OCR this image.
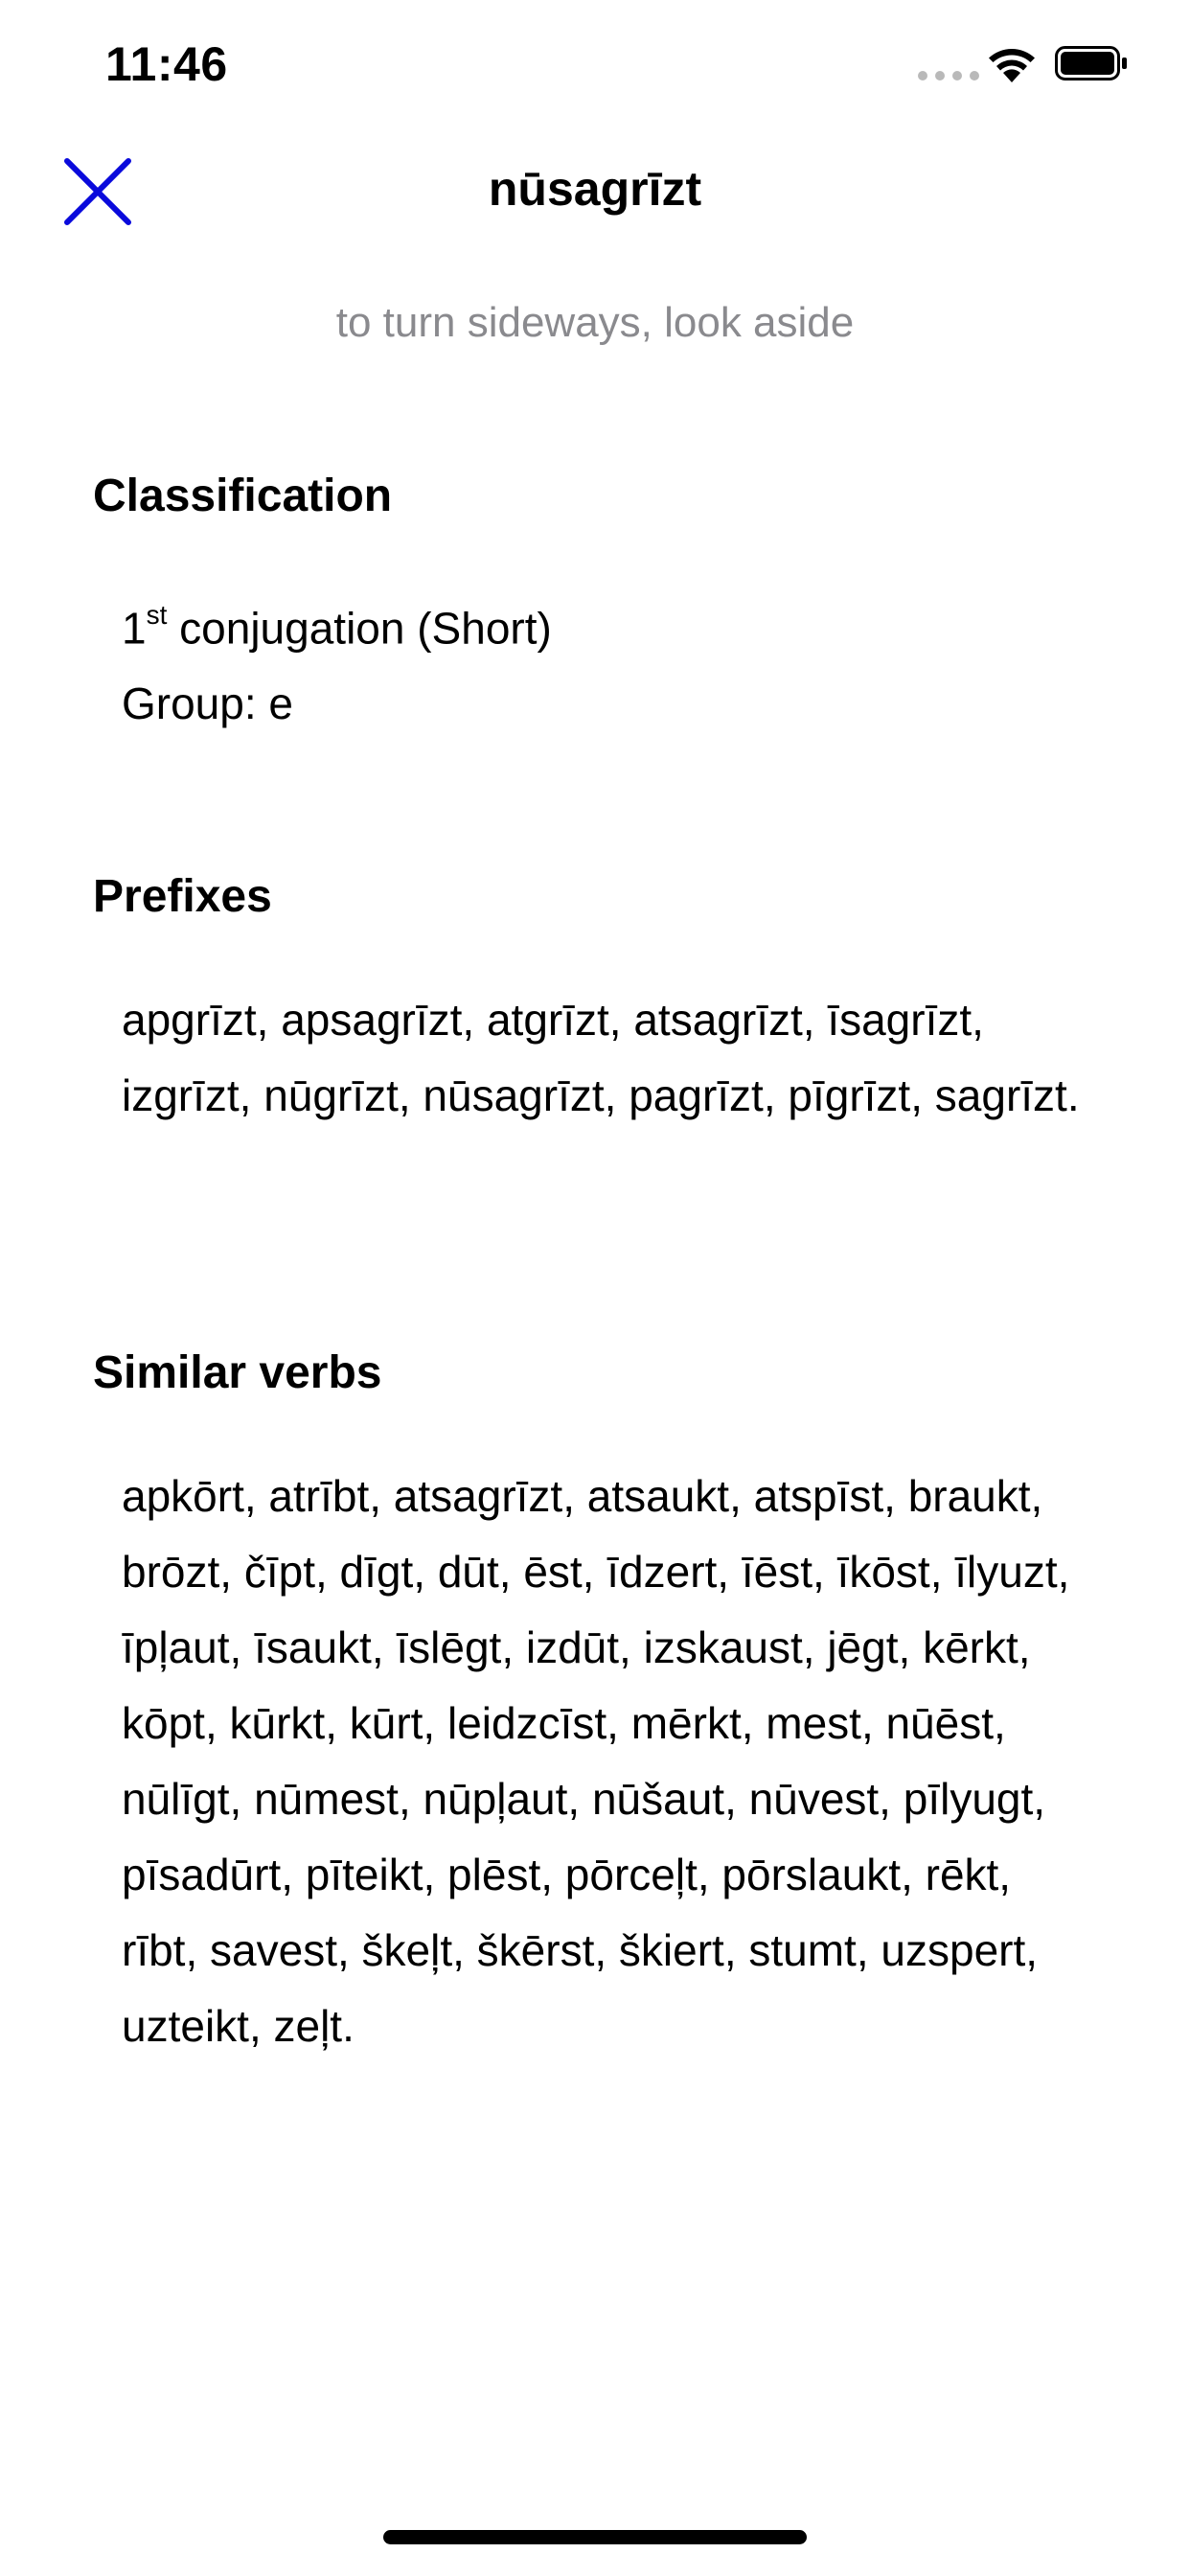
11:46
nūsagrīzt
to turn sideways, look aside
Classification
1st conjugation (Short)
Group: e
Prefixes
apgrīzt, apsagrīzt, atgrīzt, atsagrīzt, īsagrīzt, izgrīzt, nūgrīzt, nūsagrīzt, pagrīzt, pīgrīzt, sagrīzt.
Similar verbs
apkōrt, atrībt, atsagrīzt, atsaukt, atspīst, braukt, brōzt, čīpt, dīgt, dūt, ēst, īdzert, īēst, īkōst, īlyuzt, īpļaut, īsaukt, īslēgt, izdūt, izskaust, jēgt, kērkt, kōpt, kūrkt, kūrt, leidzcīst, mērkt, mest, nūēst, nūlīgt, nūmest, nūpļaut, nūšaut, nūvest, pīlyugt, pīsadūrt, pīteikt, plēst, pōrceļt, pōrslaukt, rēkt, rībt, savest, škeļt, škērst, škiert, stumt, uzspert, uzteikt, zeļt.
